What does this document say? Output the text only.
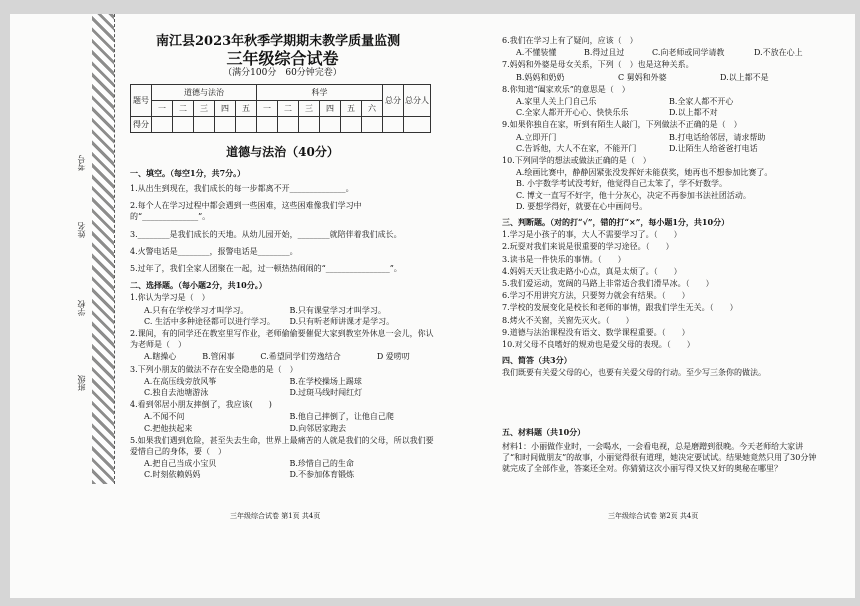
考号
姓名
学校
班级
南江县2023年秋季学期期末教学质量监测
三年级综合试卷
（满分100分　60分钟完卷）
题号	道德与法治					科学						总分	总分人
	一	二	三	四	五	一	二	三	四	五	六		
得分													
道德与法治（40分）
一、填空。（每空1分，共7分。）
1.从出生到现在，我们成长的每一步都离不开______________。
2.每个人在学习过程中都会遇到一些困难，这些困难像我们学习中的“______________”。
3.________是我们成长的天地。从幼儿园开始，________就陪伴着我们成长。
4.火警电话是________，报警电话是________。
5.过年了，我们全家人团聚在一起，过一顿热热闹闹的“________________”。
二、选择题。（每小题2分，共10分。）
1.你认为学习是（　）
A.只有在学校学习才叫学习。	B.只有课堂学习才叫学习。
C. 生活中多种途径都可以进行学习。	D.只有听老师讲课才是学习。
2.课间，有的同学还在教室里写作业，老师偷偷要催促大家到教室外休息一会儿，你认为老师是（　）
A.瞎操心	B.管闲事	C.希望同学们劳逸结合	D 爱唠叨
3.下列小朋友的做法不存在安全隐患的是（　）
A.在高压线旁放风筝	B.在学校操场上踢球
C.独自去池塘游泳	D.过斑马线时闯红灯
4.看到邻居小朋友摔倒了，我应该(　　)
A.不闻不问	B.他自己摔倒了，让他自己爬
C.把他扶起来	D.向邻居家跑去
5.如果我们遇到危险，甚至失去生命，世界上最痛苦的人就是我们的父母，所以我们要爱惜自己的身体，要（　）
A.把自己当成小宝贝	B.珍惜自己的生命
C.时刻依赖妈妈	D.不参加体育锻炼
三年级综合试卷 第1页 共4页
6.我们在学习上有了疑问，应该（　）
A.不懂装懂	B.得过且过	C.向老师或同学请教	D.不放在心上
7.妈妈和外婆是母女关系，下列（　）也是这种关系。
B.妈妈和奶奶	C 舅妈和外婆	D.以上都不是
8.你知道“阖家欢乐”的意思是（　）
A.家里人关上门自己乐	B.全家人都不开心
C.全家人都开开心心、快快乐乐	D.以上都不对
9.如果你独自在家，听到有陌生人敲门，下列做法不正确的是（　）
A.立即开门	B.打电话给邻居，请求帮助
C.告诉他，大人不在家，不能开门	D.让陌生人给爸爸打电话
10.下列同学的想法或做法正确的是（　）
A.绘画比赛中，静静因紧张没发挥好未能获奖，她再也不想参加比赛了。
B. 小宇数学考试没考好，他觉得自己太笨了，学不好数学。
C. 博文一直写不好字，他十分灰心，决定不再参加书法社团活动。
D. 要想学得好，就要在心中画问号。
三、判断题。（对的打“√”，错的打“×”，每小题1分，共10分）
1.学习是小孩子的事，大人不需要学习了。（　　）
2.玩耍对我们来说是很重要的学习途径。（　　）
3.读书是一件快乐的事情。（　　）
4.妈妈天天让我走路小心点，真是太烦了。（　　）
5.我们爱运动，宽阔的马路上非常适合我们滑旱冰。（　　）
6.学习不用讲究方法，只要努力就会有结果。（　　）
7.学校的发展变化是校长和老师的事情，跟我们学生无关。（　　）
8.烤火不关窗，关窗先灭火。（　　）
9.道德与法治课程没有语文、数学课程重要。（　　）
10.对父母不良嗜好的规劝也是爱父母的表现。（　　）
四、简答（共3分）
我们既要有关爱父母的心，也要有关爱父母的行动。至少写三条你的做法。
五、材料题（共10分）
材料1：小丽做作业时，一会喝水，一会看电视，总是磨蹭到很晚。今天老师给大家讲了“和时间做朋友”的故事，小丽觉得很有道理，她决定要试试。结果她竟然只用了30分钟就完成了全部作业，答案还全对。你猜猜这次小丽写得又快又好的奥秘在哪里？
三年级综合试卷 第2页 共4页
